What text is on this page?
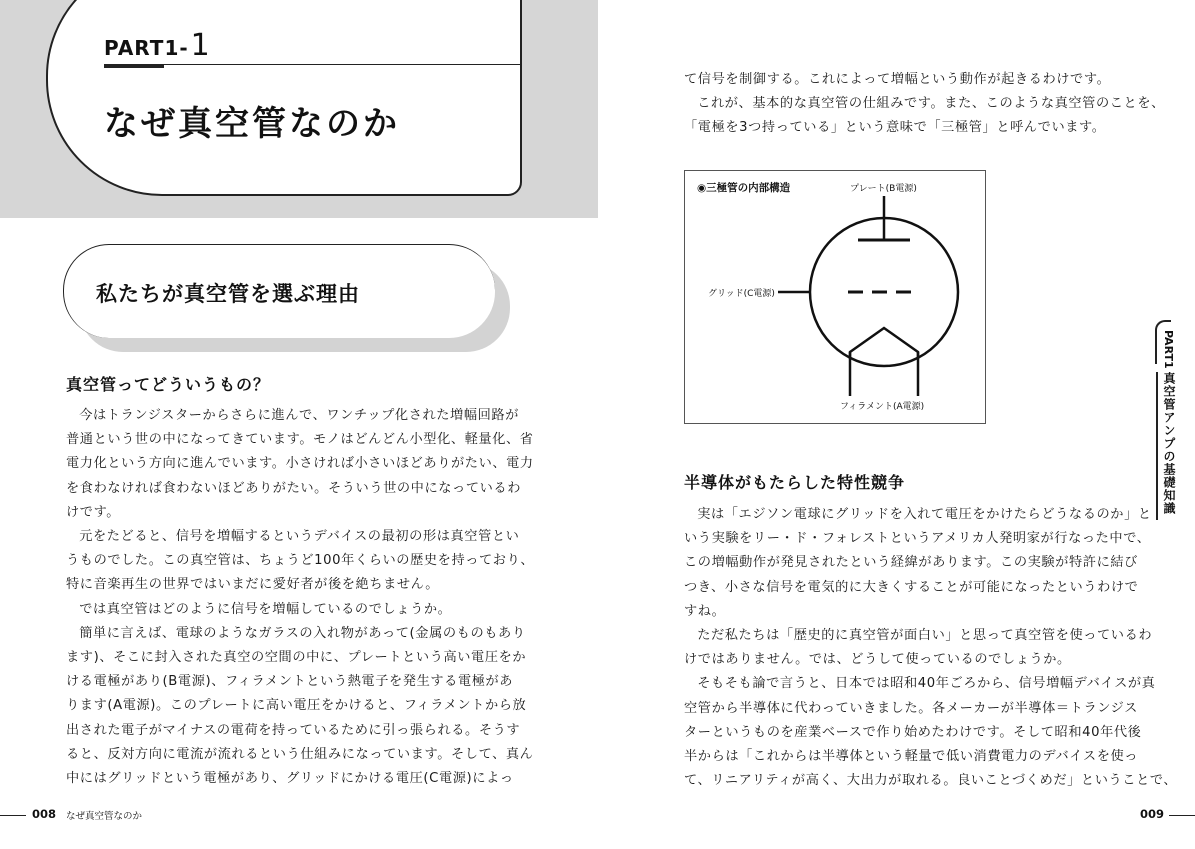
PART1-1
なぜ真空管なのか
私たちが真空管を選ぶ理由
真空管ってどういうもの？
今はトランジスターからさらに進んで、ワンチップ化された増幅回路が
普通という世の中になってきています。モノはどんどん小型化、軽量化、省
電力化という方向に進んでいます。小さければ小さいほどありがたい、電力
を食わなければ食わないほどありがたい。そういう世の中になっているわ
けです。
元をたどると、信号を増幅するというデバイスの最初の形は真空管とい
うものでした。この真空管は、ちょうど100年くらいの歴史を持っており、
特に音楽再生の世界ではいまだに愛好者が後を絶ちません。
では真空管はどのように信号を増幅しているのでしょうか。
簡単に言えば、電球のようなガラスの入れ物があって(金属のものもあり
ます)、そこに封入された真空の空間の中に、プレートという高い電圧をか
ける電極があり(B電源)、フィラメントという熱電子を発生する電極があ
ります(A電源)。このプレートに高い電圧をかけると、フィラメントから放
出された電子がマイナスの電荷を持っているために引っ張られる。そうす
ると、反対方向に電流が流れるという仕組みになっています。そして、真ん
中にはグリッドという電極があり、グリッドにかける電圧(C電源)によっ
て信号を制御する。これによって増幅という動作が起きるわけです。
これが、基本的な真空管の仕組みです。また、このような真空管のことを、
「電極を3つ持っている」という意味で「三極管」と呼んでいます。
◉三極管の内部構造	プレート(B電源)
グリッド(C電源)
フィラメント(A電源)
半導体がもたらした特性競争
実は「エジソン電球にグリッドを入れて電圧をかけたらどうなるのか」と
いう実験をリー・ド・フォレストというアメリカ人発明家が行なった中で、
この増幅動作が発見されたという経緯があります。この実験が特許に結び
つき、小さな信号を電気的に大きくすることが可能になったというわけで
すね。
ただ私たちは「歴史的に真空管が面白い」と思って真空管を使っているわ
けではありません。では、どうして使っているのでしょうか。
そもそも論で言うと、日本では昭和40年ごろから、信号増幅デバイスが真
空管から半導体に代わっていきました。各メーカーが半導体＝トランジス
ターというものを産業ベースで作り始めたわけです。そして昭和40年代後
半からは「これからは半導体という軽量で低い消費電力のデバイスを使っ
て、リニアリティが高く、大出力が取れる。良いことづくめだ」ということで、
PART1
真空管アンプの基礎知識
008 なぜ真空管なのか	009
